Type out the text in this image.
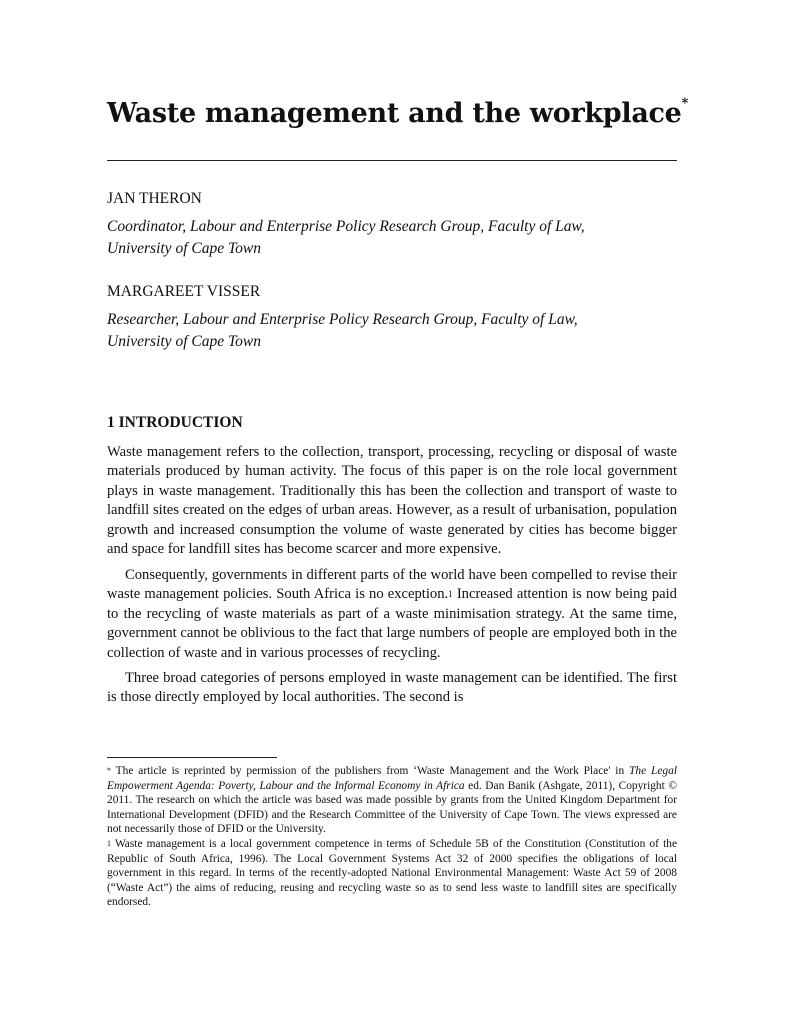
Waste management and the workplace*
JAN THERON
Coordinator, Labour and Enterprise Policy Research Group, Faculty of Law,
University of Cape Town
MARGAREET VISSER
Researcher, Labour and Enterprise Policy Research Group, Faculty of Law,
University of Cape Town
1 INTRODUCTION

Waste management refers to the collection, transport, processing, recycling or disposal of waste materials produced by human activity. The focus of this paper is on the role local government plays in waste management. Traditionally this has been the collection and transport of waste to landfill sites created on the edges of urban areas. However, as a result of urbanisation, population growth and increased consumption the volume of waste generated by cities has become bigger and space for landfill sites has become scarcer and more expensive.

Consequently, governments in different parts of the world have been compelled to revise their waste management policies. South Africa is no exception.$^1$ Increased attention is now being paid to the recycling of waste materials as part of a waste minimisation strategy. At the same time, government cannot be oblivious to the fact that large numbers of people are employed both in the collection of waste and in various processes of recycling.

Three broad categories of persons employed in waste management can be identified. The first is those directly employed by local authorities. The second is

* The article is reprinted by permission of the publishers from ‘Waste Management and the Work Place' in The Legal Empowerment Agenda: Poverty, Labour and the Informal Economy in Africa ed. Dan Banik (Ashgate, 2011), Copyright © 2011. The research on which the article was based was made possible by grants from the United Kingdom Department for International Development (DFID) and the Research Committee of the University of Cape Town. The views expressed are not necessarily those of DFID or the University.

$^1$ Waste management is a local government competence in terms of Schedule 5B of the Constitution (Constitution of the Republic of South Africa, 1996). The Local Government Systems Act 32 of 2000 specifies the obligations of local government in this regard. In terms of the recently-adopted National Environmental Management: Waste Act 59 of 2008 (“Waste Act”) the aims of reducing, reusing and recycling waste so as to send less waste to landfill sites are specifically endorsed.
